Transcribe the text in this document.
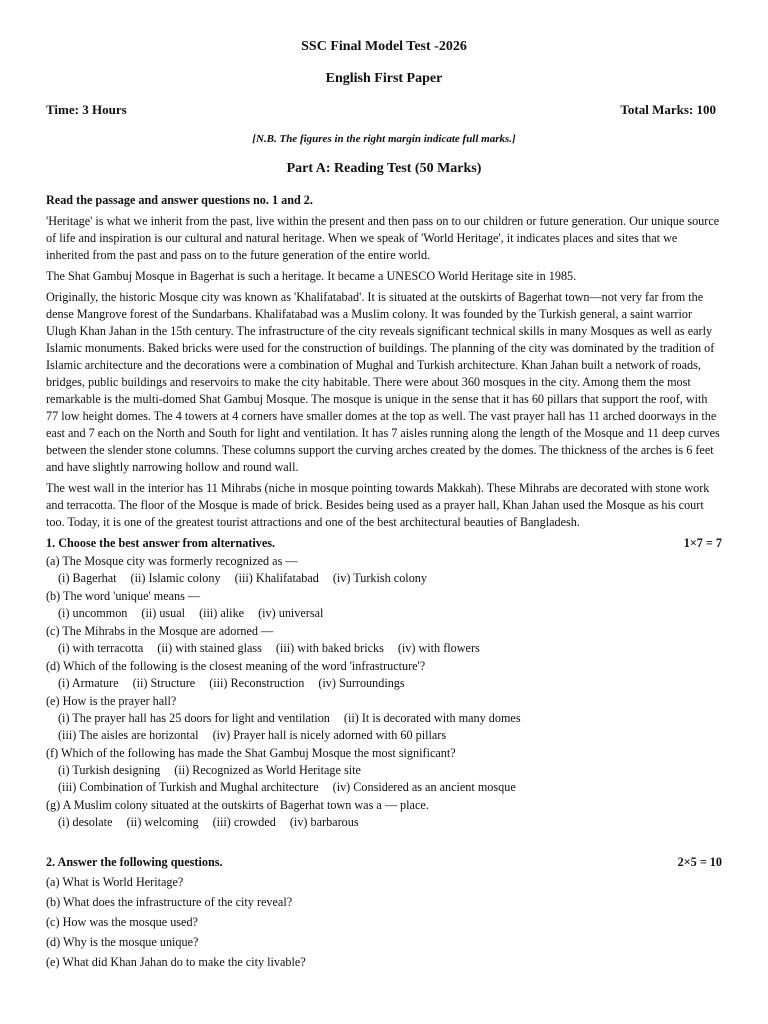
SSC Final Model Test -2026
English First Paper
Time: 3 Hours	Total Marks: 100
[N.B. The figures in the right margin indicate full marks.]
Part A: Reading Test (50 Marks)

Read the passage and answer questions no. 1 and 2.

'Heritage' is what we inherit from the past, live within the present and then pass on to our children or future generation. Our unique source of life and inspiration is our cultural and natural heritage. When we speak of 'World Heritage', it indicates places and sites that we inherited from the past and pass on to the future generation of the entire world.

The Shat Gambuj Mosque in Bagerhat is such a heritage. It became a UNESCO World Heritage site in 1985.

Originally, the historic Mosque city was known as 'Khalifatabad'. It is situated at the outskirts of Bagerhat town—not very far from the dense Mangrove forest of the Sundarbans. Khalifatabad was a Muslim colony. It was founded by the Turkish general, a saint warrior Ulugh Khan Jahan in the 15th century. The infrastructure of the city reveals significant technical skills in many Mosques as well as early Islamic monuments. Baked bricks were used for the construction of buildings. The planning of the city was dominated by the tradition of Islamic architecture and the decorations were a combination of Mughal and Turkish architecture. Khan Jahan built a network of roads, bridges, public buildings and reservoirs to make the city habitable. There were about 360 mosques in the city. Among them the most remarkable is the multi-domed Shat Gambuj Mosque. The mosque is unique in the sense that it has 60 pillars that support the roof, with 77 low height domes. The 4 towers at 4 corners have smaller domes at the top as well. The vast prayer hall has 11 arched doorways in the east and 7 each on the North and South for light and ventilation. It has 7 aisles running along the length of the Mosque and 11 deep curves between the slender stone columns. These columns support the curving arches created by the domes. The thickness of the arches is 6 feet and have slightly narrowing hollow and round wall.

The west wall in the interior has 11 Mihrabs (niche in mosque pointing towards Makkah). These Mihrabs are decorated with stone work and terracotta. The floor of the Mosque is made of brick. Besides being used as a prayer hall, Khan Jahan used the Mosque as his court too. Today, it is one of the greatest tourist attractions and one of the best architectural beauties of Bangladesh.

1. Choose the best answer from alternatives.	1×7 = 7
(a) The Mosque city was formerly recognized as —
(i) Bagerhat (ii) Islamic colony (iii) Khalifatabad (iv) Turkish colony
(b) The word 'unique' means —
(i) uncommon (ii) usual (iii) alike (iv) universal
(c) The Mihrabs in the Mosque are adorned —
(i) with terracotta (ii) with stained glass (iii) with baked bricks (iv) with flowers
(d) Which of the following is the closest meaning of the word 'infrastructure'?
(i) Armature (ii) Structure (iii) Reconstruction (iv) Surroundings
(e) How is the prayer hall?
(i) The prayer hall has 25 doors for light and ventilation (ii) It is decorated with many domes
(iii) The aisles are horizontal (iv) Prayer hall is nicely adorned with 60 pillars
(f) Which of the following has made the Shat Gambuj Mosque the most significant?
(i) Turkish designing (ii) Recognized as World Heritage site
(iii) Combination of Turkish and Mughal architecture (iv) Considered as an ancient mosque
(g) A Muslim colony situated at the outskirts of Bagerhat town was a — place.
(i) desolate (ii) welcoming (iii) crowded (iv) barbarous
2. Answer the following questions.	2×5 = 10
(a) What is World Heritage?
(b) What does the infrastructure of the city reveal?
(c) How was the mosque used?
(d) Why is the mosque unique?
(e) What did Khan Jahan do to make the city livable?
